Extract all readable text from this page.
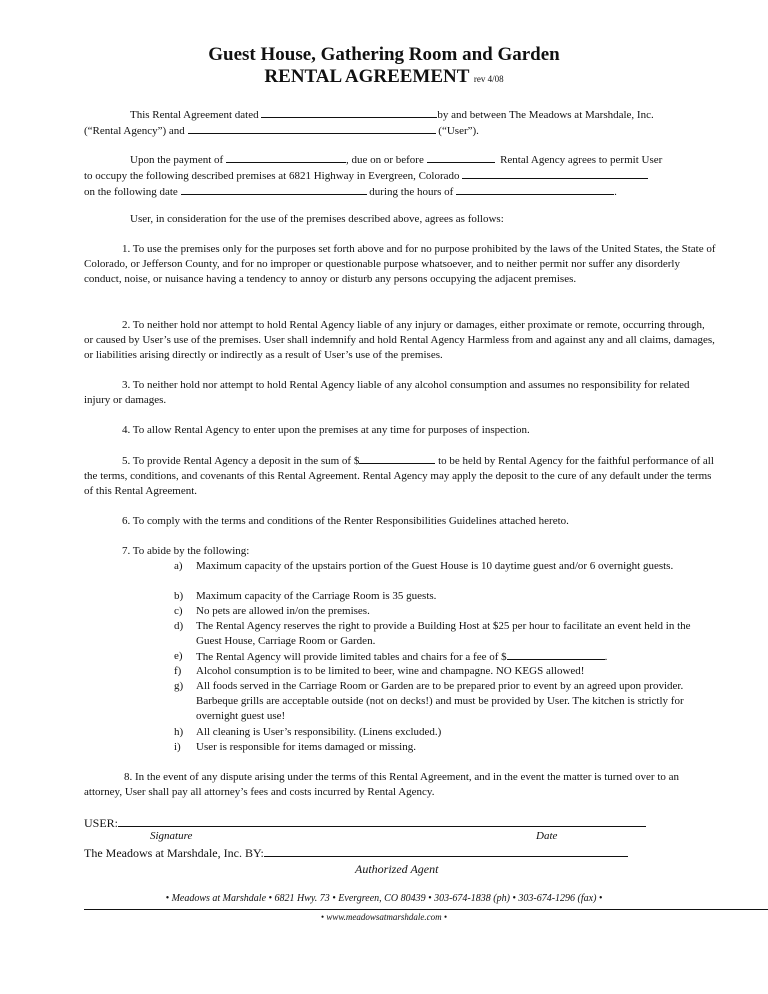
Guest House, Gathering Room and Garden
RENTAL AGREEMENT rev 4/08
This Rental Agreement dated	by and between The Meadows at Marshdale, Inc.
(“Rental Agency”) and	(“User”).
Upon the payment of	, due on or before	Rental Agency agrees to permit User
to occupy the following described premises at 6821 Highway in Evergreen, Colorado
on the following date	during the hours of	.
User, in consideration for the use of the premises described above, agrees as follows:
1. To use the premises only for the purposes set forth above and for no purpose prohibited by the laws of the United States, the State of Colorado, or Jefferson County, and for no improper or questionable purpose whatsoever, and to neither permit nor suffer any disorderly conduct, noise, or nuisance having a tendency to annoy or disturb any persons occupying the adjacent premises.
2. To neither hold nor attempt to hold Rental Agency liable of any injury or damages, either proximate or remote, occurring through, or caused by User’s use of the premises. User shall indemnify and hold Rental Agency Harmless from and against any and all claims, damages, or liabilities arising directly or indirectly as a result of User’s use of the premises.
3. To neither hold nor attempt to hold Rental Agency liable of any alcohol consumption and assumes no responsibility for related injury or damages.
4. To allow Rental Agency to enter upon the premises at any time for purposes of inspection.
5. To provide Rental Agency a deposit in the sum of $	to be held by Rental Agency for the faithful performance of all the terms, conditions, and covenants of this Rental Agreement. Rental Agency may apply the deposit to the cure of any default under the terms of this Rental Agreement.
6. To comply with the terms and conditions of the Renter Responsibilities Guidelines attached hereto.
7. To abide by the following:
a) Maximum capacity of the upstairs portion of the Guest House is 10 daytime guest and/or 6 overnight guests.
b) Maximum capacity of the Carriage Room is 35 guests.
c) No pets are allowed in/on the premises.
d) The Rental Agency reserves the right to provide a Building Host at $25 per hour to facilitate an event held in the Guest House, Carriage Room or Garden.
e) The Rental Agency will provide limited tables and chairs for a fee of $	.
f) Alcohol consumption is to be limited to beer, wine and champagne. NO KEGS allowed!
g) All foods served in the Carriage Room or Garden are to be prepared prior to event by an agreed upon provider. Barbeque grills are acceptable outside (not on decks!) and must be provided by User. The kitchen is strictly for overnight guest use!
h) All cleaning is User’s responsibility. (Linens excluded.)
i) User is responsible for items damaged or missing.
8. In the event of any dispute arising under the terms of this Rental Agreement, and in the event the matter is turned over to an attorney, User shall pay all attorney’s fees and costs incurred by Rental Agency.
USER:
Signature	Date
The Meadows at Marshdale, Inc. BY:
Authorized Agent
• Meadows at Marshdale • 6821 Hwy. 73 • Evergreen, CO 80439 • 303-674-1838 (ph) • 303-674-1296 (fax) •
• www.meadowsatmarshdale.com •
